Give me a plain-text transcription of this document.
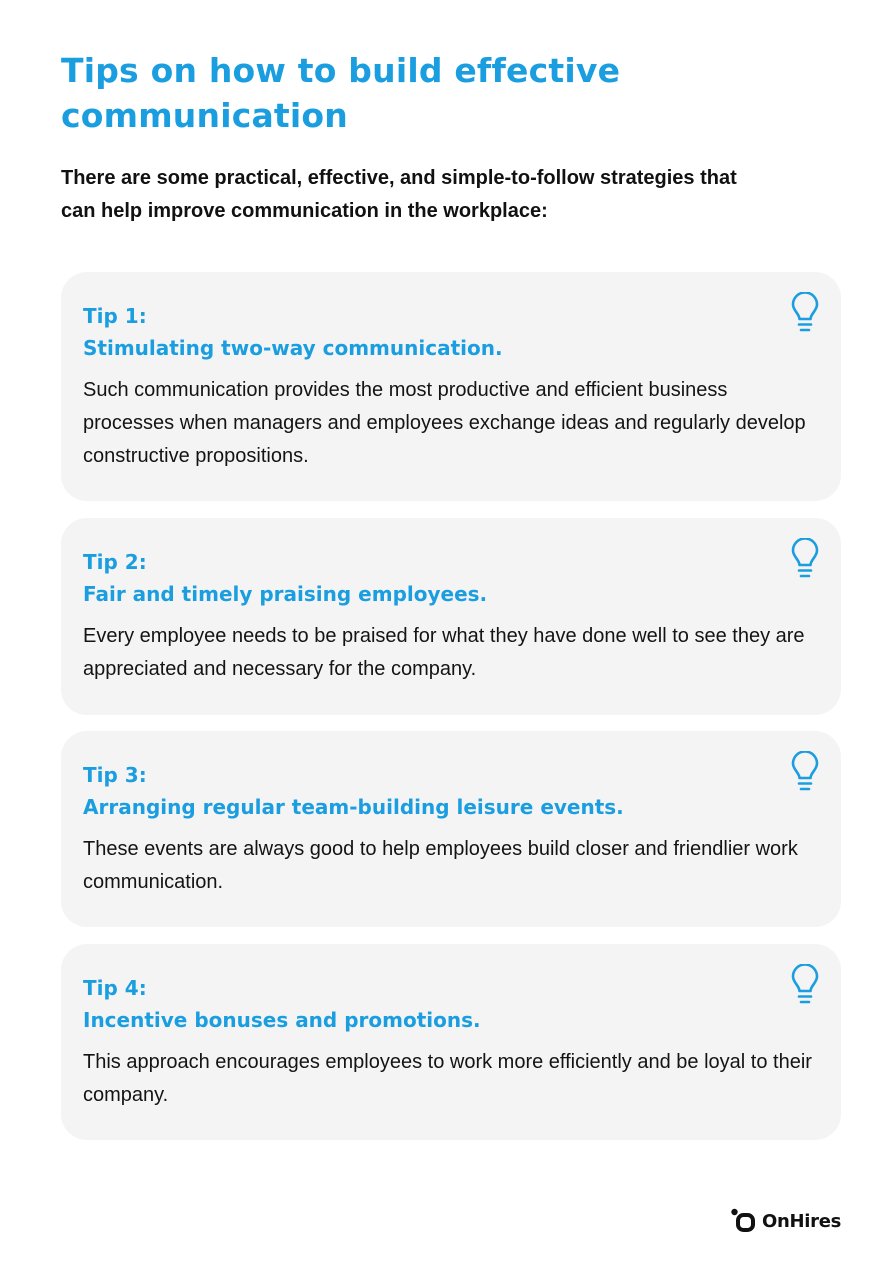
Tips on how to build effective communication

There are some practical, effective, and simple-to-follow strategies that can help improve communication in the workplace:

Tip 1:

Stimulating two-way communication.

Such communication provides the most productive and efficient business processes when managers and employees exchange ideas and regularly develop constructive propositions.

Tip 2:

Fair and timely praising employees.

Every employee needs to be praised for what they have done well to see they are appreciated and necessary for the company.

Tip 3:

Arranging regular team-building leisure events.

These events are always good to help employees build closer and friendlier work communication.

Tip 4:

Incentive bonuses and promotions.

This approach encourages employees to work more efficiently and be loyal to their company.

OnHires
